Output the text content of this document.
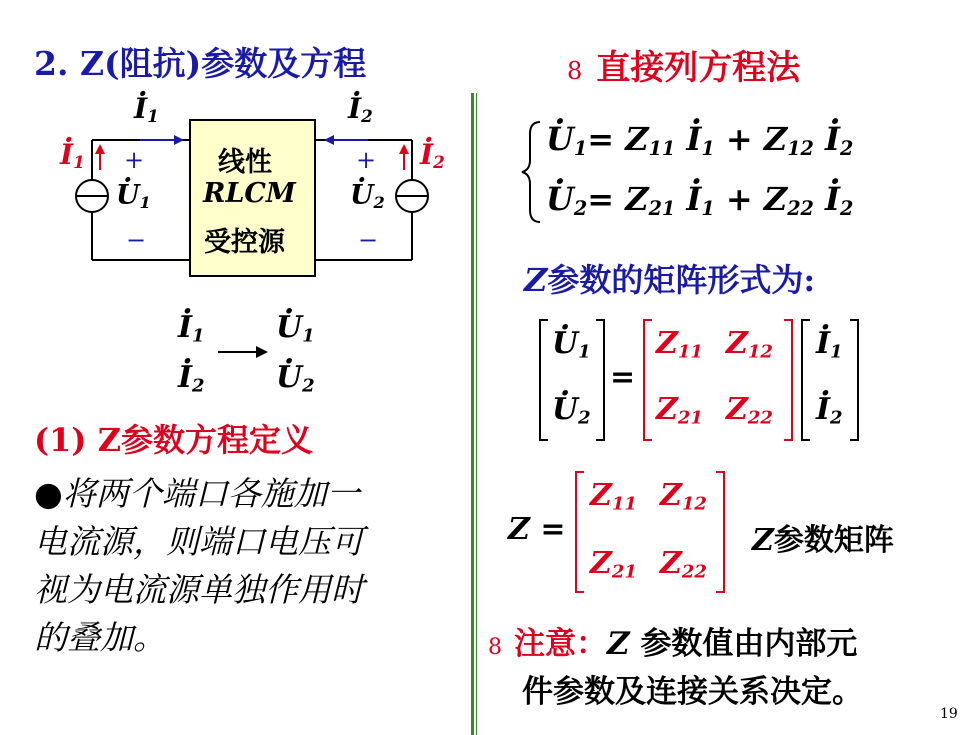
2. Z(阻抗)参数及方程	8 直接列方程法
线性
RLCM
受控源
· $I_1$	· $I_2$
· $I_1$	· $I_2$
+
· $U_1$
−
+
· $U_2$
−
· $I_1$
· $I_2$
· $U_1$
· $U_2$
(1) Z参数方程定义
●将两个端口各施加一
电流源，则端口电压可
视为电流源单独作用时
的叠加。
· $U_1= Z_{11} \cdot I_1 + Z_{12} \cdot I_2$
· $U_2= Z_{21} \cdot I_1 + Z_{22} \cdot I_2$
Z参数的矩阵形式为:
· $U_1$
· $U_2$
=
$Z_{11}$ $Z_{12}$
$Z_{21}$ $Z_{22}$
· $I_1$
· $I_2$
Z =
$Z_{11}$ $Z_{12}$
$Z_{21}$ $Z_{22}$
Z参数矩阵
8 注意：Z 参数值由内部元
件参数及连接关系决定。
19
